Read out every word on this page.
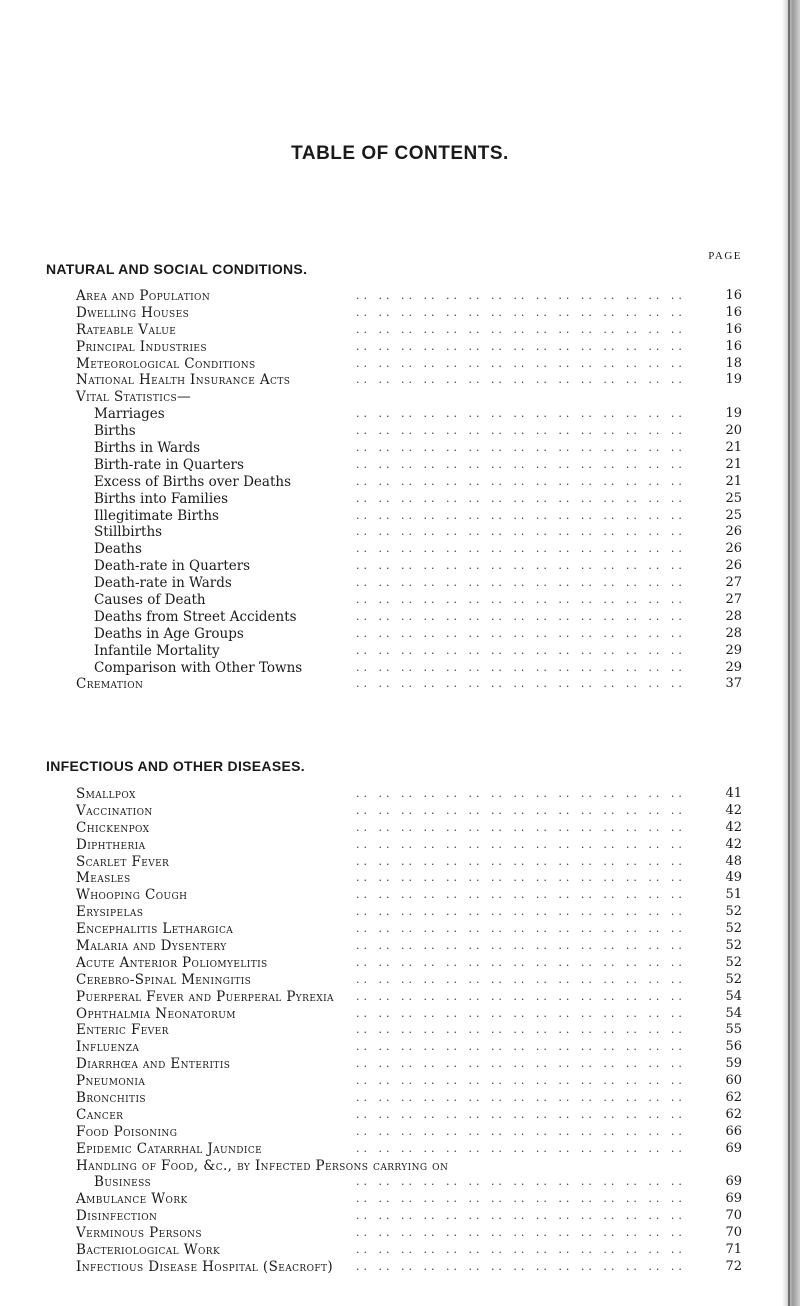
TABLE OF CONTENTS.
NATURAL AND SOCIAL CONDITIONS.
PAGE
Area and Population	.. .. .. .. .. .. .. .. .. .. .. .. .. .. ..	16
Dwelling Houses	.. .. .. .. .. .. .. .. .. .. .. .. .. .. ..	16
Rateable Value	.. .. .. .. .. .. .. .. .. .. .. .. .. .. ..	16
Principal Industries	.. .. .. .. .. .. .. .. .. .. .. .. .. .. ..	16
Meteorological Conditions	.. .. .. .. .. .. .. .. .. .. .. .. .. .. ..	18
National Health Insurance Acts	.. .. .. .. .. .. .. .. .. .. .. .. .. .. ..	19
Vital Statistics—
Marriages	.. .. .. .. .. .. .. .. .. .. .. .. .. .. ..	19
Births	.. .. .. .. .. .. .. .. .. .. .. .. .. .. ..	20
Births in Wards	.. .. .. .. .. .. .. .. .. .. .. .. .. .. ..	21
Birth-rate in Quarters	.. .. .. .. .. .. .. .. .. .. .. .. .. .. ..	21
Excess of Births over Deaths	.. .. .. .. .. .. .. .. .. .. .. .. .. .. ..	21
Births into Families	.. .. .. .. .. .. .. .. .. .. .. .. .. .. ..	25
Illegitimate Births	.. .. .. .. .. .. .. .. .. .. .. .. .. .. ..	25
Stillbirths	.. .. .. .. .. .. .. .. .. .. .. .. .. .. ..	26
Deaths	.. .. .. .. .. .. .. .. .. .. .. .. .. .. ..	26
Death-rate in Quarters	.. .. .. .. .. .. .. .. .. .. .. .. .. .. ..	26
Death-rate in Wards	.. .. .. .. .. .. .. .. .. .. .. .. .. .. ..	27
Causes of Death	.. .. .. .. .. .. .. .. .. .. .. .. .. .. ..	27
Deaths from Street Accidents	.. .. .. .. .. .. .. .. .. .. .. .. .. .. ..	28
Deaths in Age Groups	.. .. .. .. .. .. .. .. .. .. .. .. .. .. ..	28
Infantile Mortality	.. .. .. .. .. .. .. .. .. .. .. .. .. .. ..	29
Comparison with Other Towns	.. .. .. .. .. .. .. .. .. .. .. .. .. .. ..	29
Cremation	.. .. .. .. .. .. .. .. .. .. .. .. .. .. ..	37
INFECTIOUS AND OTHER DISEASES.
Smallpox	.. .. .. .. .. .. .. .. .. .. .. .. .. .. ..	41
Vaccination	.. .. .. .. .. .. .. .. .. .. .. .. .. .. ..	42
Chickenpox	.. .. .. .. .. .. .. .. .. .. .. .. .. .. ..	42
Diphtheria	.. .. .. .. .. .. .. .. .. .. .. .. .. .. ..	42
Scarlet Fever	.. .. .. .. .. .. .. .. .. .. .. .. .. .. ..	48
Measles	.. .. .. .. .. .. .. .. .. .. .. .. .. .. ..	49
Whooping Cough	.. .. .. .. .. .. .. .. .. .. .. .. .. .. ..	51
Erysipelas	.. .. .. .. .. .. .. .. .. .. .. .. .. .. ..	52
Encephalitis Lethargica	.. .. .. .. .. .. .. .. .. .. .. .. .. .. ..	52
Malaria and Dysentery	.. .. .. .. .. .. .. .. .. .. .. .. .. .. ..	52
Acute Anterior Poliomyelitis	.. .. .. .. .. .. .. .. .. .. .. .. .. .. ..	52
Cerebro-Spinal Meningitis	.. .. .. .. .. .. .. .. .. .. .. .. .. .. ..	52
Puerperal Fever and Puerperal Pyrexia .. .. .. .. .. .. .. .. .. .. .. .. .. .. ..	54
Ophthalmia Neonatorum	.. .. .. .. .. .. .. .. .. .. .. .. .. .. ..	54
Enteric Fever	.. .. .. .. .. .. .. .. .. .. .. .. .. .. ..	55
Influenza	.. .. .. .. .. .. .. .. .. .. .. .. .. .. ..	56
Diarrhœa and Enteritis	.. .. .. .. .. .. .. .. .. .. .. .. .. .. ..	59
Pneumonia	.. .. .. .. .. .. .. .. .. .. .. .. .. .. ..	60
Bronchitis	.. .. .. .. .. .. .. .. .. .. .. .. .. .. ..	62
Cancer	.. .. .. .. .. .. .. .. .. .. .. .. .. .. ..	62
Food Poisoning	.. .. .. .. .. .. .. .. .. .. .. .. .. .. ..	66
Epidemic Catarrhal Jaundice	.. .. .. .. .. .. .. .. .. .. .. .. .. .. ..	69
Handling of Food, &c., by Infected Persons carrying on
Business	.. .. .. .. .. .. .. .. .. .. .. .. .. .. ..	69
Ambulance Work	.. .. .. .. .. .. .. .. .. .. .. .. .. .. ..	69
Disinfection	.. .. .. .. .. .. .. .. .. .. .. .. .. .. ..	70
Verminous Persons	.. .. .. .. .. .. .. .. .. .. .. .. .. .. ..	70
Bacteriological Work	.. .. .. .. .. .. .. .. .. .. .. .. .. .. ..	71
Infectious Disease Hospital (Seacroft) .. .. .. .. .. .. .. .. .. .. .. .. .. .. ..	72
